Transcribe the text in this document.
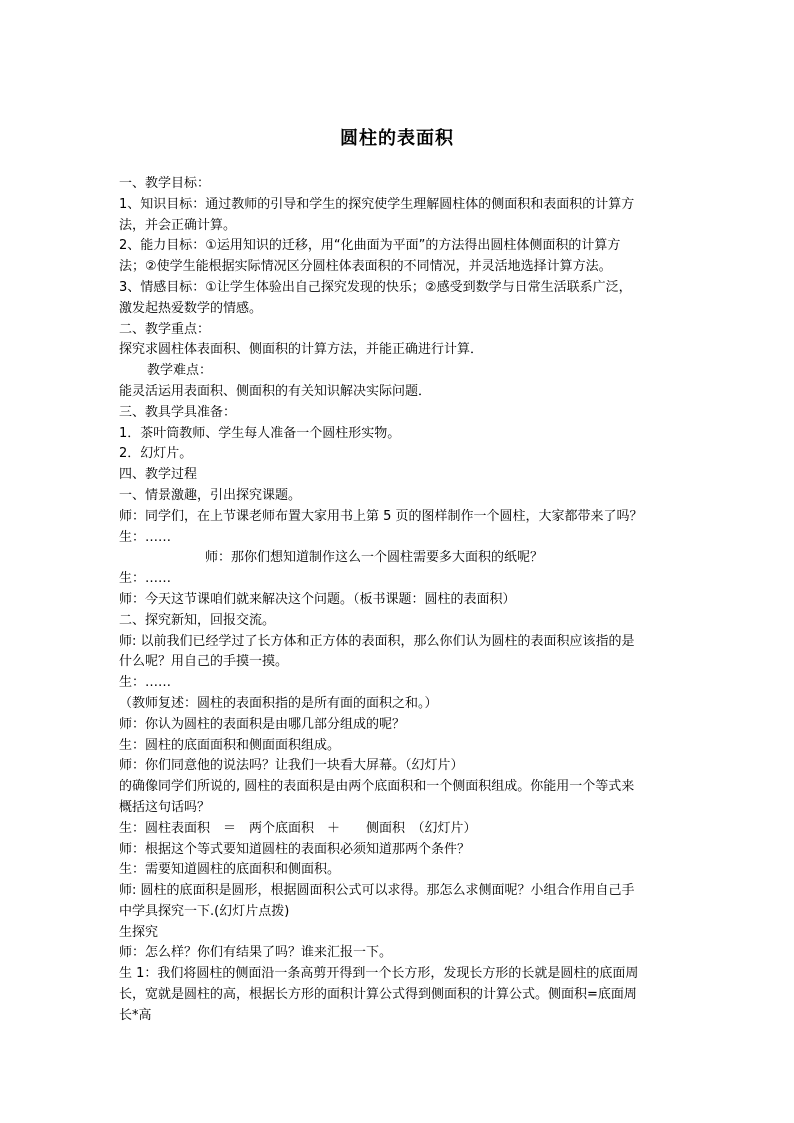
圆柱的表面积
一、教学目标：
1、知识目标：通过教师的引导和学生的探究使学生理解圆柱体的侧面积和表面积的计算方
法，并会正确计算。
2、能力目标：①运用知识的迁移，用“化曲面为平面”的方法得出圆柱体侧面积的计算方
法；②使学生能根据实际情况区分圆柱体表面积的不同情况，并灵活地选择计算方法。
3、情感目标：①让学生体验出自己探究发现的快乐；②感受到数学与日常生活联系广泛，
激发起热爱数学的情感。
二、教学重点：
探究求圆柱体表面积、侧面积的计算方法，并能正确进行计算．
教学难点：
能灵活运用表面积、侧面积的有关知识解决实际问题．
三、教具学具准备：
1．茶叶筒教师、学生每人准备一个圆柱形实物。
2．幻灯片。
四、教学过程
一、情景激趣，引出探究课题。
师：同学们，在上节课老师布置大家用书上第 5 页的图样制作一个圆柱，大家都带来了吗？
生：……
师：那你们想知道制作这么一个圆柱需要多大面积的纸呢？
生：……
师：今天这节课咱们就来解决这个问题。（板书课题：圆柱的表面积）
二、探究新知，回报交流。
师: 以前我们已经学过了长方体和正方体的表面积，那么你们认为圆柱的表面积应该指的是
什么呢？用自己的手摸一摸。
生：……
（教师复述：圆柱的表面积指的是所有面的面积之和。）
师：你认为圆柱的表面积是由哪几部分组成的呢？
生：圆柱的底面面积和侧面面积组成。
师：你们同意他的说法吗？让我们一块看大屏幕。（幻灯片）
的确像同学们所说的, 圆柱的表面积是由两个底面积和一个侧面积组成。你能用一个等式来
概括这句话吗？
生：圆柱表面积　＝　两个底面积　＋　　侧面积　（幻灯片）
师：根据这个等式要知道圆柱的表面积必须知道那两个条件？
生：需要知道圆柱的底面积和侧面积。
师: 圆柱的底面积是圆形，根据圆面积公式可以求得。那怎么求侧面呢？小组合作用自己手
中学具探究一下.(幻灯片点拨)
生探究
师：怎么样？你们有结果了吗？谁来汇报一下。
生 1：我们将圆柱的侧面沿一条高剪开得到一个长方形，发现长方形的长就是圆柱的底面周
长，宽就是圆柱的高，根据长方形的面积计算公式得到侧面积的计算公式。侧面积=底面周
长*高
